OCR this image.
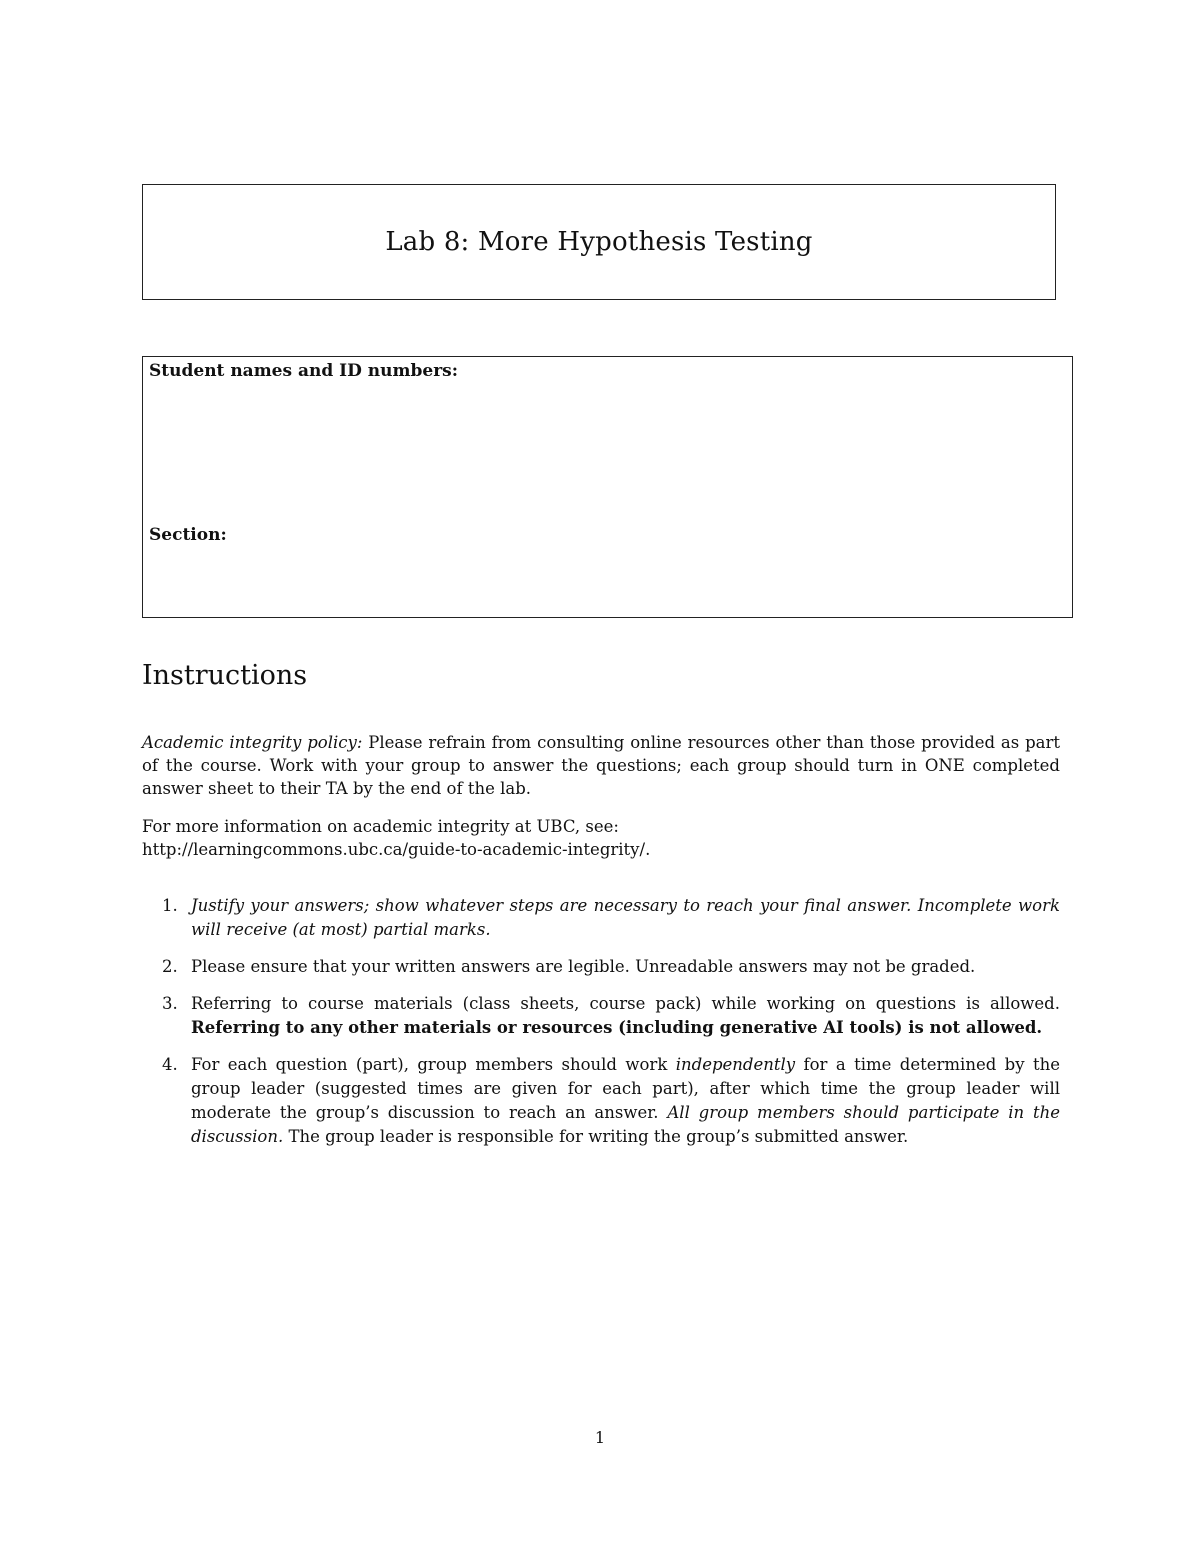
Lab 8: More Hypothesis Testing
Student names and ID numbers:
Section:
Instructions

Academic integrity policy: Please refrain from consulting online resources other than those provided as part of the course. Work with your group to answer the questions; each group should turn in ONE completed answer sheet to their TA by the end of the lab.

For more information on academic integrity at UBC, see:
http://learningcommons.ubc.ca/guide-to-academic-integrity/.

1. Justify your answers; show whatever steps are necessary to reach your final answer. Incomplete work will receive (at most) partial marks.
2. Please ensure that your written answers are legible. Unreadable answers may not be graded.
3. Referring to course materials (class sheets, course pack) while working on questions is allowed. Referring to any other materials or resources (including generative AI tools) is not allowed.
4. For each question (part), group members should work independently for a time determined by the group leader (suggested times are given for each part), after which time the group leader will moderate the group’s discussion to reach an answer. All group members should participate in the discussion. The group leader is responsible for writing the group’s submitted answer.
1
